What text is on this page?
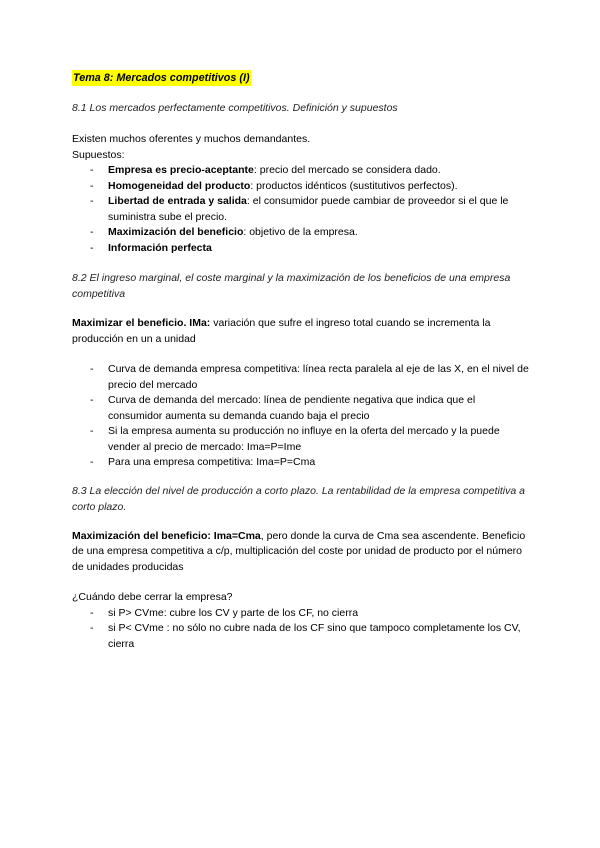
Tema 8: Mercados competitivos (I)
8.1 Los mercados perfectamente competitivos. Definición y supuestos

Existen muchos oferentes y muchos demandantes.

Supuestos:

- Empresa es precio-aceptante: precio del mercado se considera dado.
- Homogeneidad del producto: productos idénticos (sustitutivos perfectos).
- Libertad de entrada y salida: el consumidor puede cambiar de proveedor si el que le suministra sube el precio.
- Maximización del beneficio: objetivo de la empresa.
- Información perfecta
8.2 El ingreso marginal, el coste marginal y la maximización de los beneficios de una empresa competitiva

Maximizar el beneficio. IMa: variación que sufre el ingreso total cuando se incrementa la producción en un a unidad

- Curva de demanda empresa competitiva: línea recta paralela al eje de las X, en el nivel de precio del mercado
- Curva de demanda del mercado: línea de pendiente negativa que indica que el consumidor aumenta su demanda cuando baja el precio
- Si la empresa aumenta su producción no influye en la oferta del mercado y la puede vender al precio de mercado: Ima=P=Ime
- Para una empresa competitiva: Ima=P=Cma
8.3 La elección del nivel de producción a corto plazo. La rentabilidad de la empresa competitiva a corto plazo.

Maximización del beneficio: Ima=Cma, pero donde la curva de Cma sea ascendente. Beneficio de una empresa competitiva a c/p, multiplicación del coste por unidad de producto por el número de unidades producidas

¿Cuándo debe cerrar la empresa?

- si P> CVme: cubre los CV y parte de los CF, no cierra
- si P< CVme : no sólo no cubre nada de los CF sino que tampoco completamente los CV, cierra
